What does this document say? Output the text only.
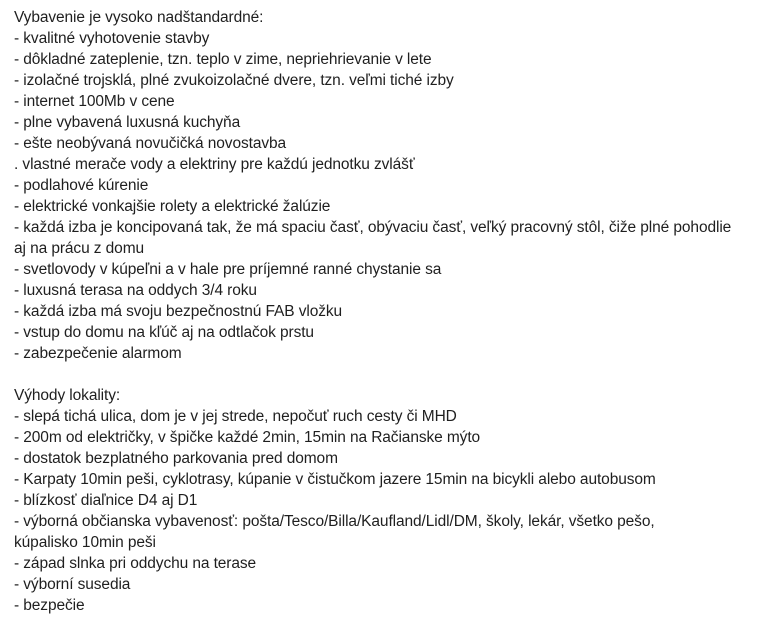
Vybavenie je vysoko nadštandardné:
- kvalitné vyhotovenie stavby
- dôkladné zateplenie, tzn. teplo v zime, nepriehrievanie v lete
- izolačné trojsklá, plné zvukoizolačné dvere, tzn. veľmi tiché izby
- internet 100Mb v cene
- plne vybavená luxusná kuchyňa
- ešte neobývaná novučičká novostavba
. vlastné merače vody a elektriny pre každú jednotku zvlášť
- podlahové kúrenie
- elektrické vonkajšie rolety a elektrické žalúzie
- každá izba je koncipovaná tak, že má spaciu časť, obývaciu časť, veľký pracovný stôl, čiže plné pohodlie
aj na prácu z domu
- svetlovody v kúpeľni a v hale pre príjemné ranné chystanie sa
- luxusná terasa na oddych 3/4 roku
- každá izba má svoju bezpečnostnú FAB vložku
- vstup do domu na kľúč aj na odtlačok prstu
- zabezpečenie alarmom
Výhody lokality:
- slepá tichá ulica, dom je v jej strede, nepočuť ruch cesty či MHD
- 200m od električky, v špičke každé 2min, 15min na Račianske mýto
- dostatok bezplatného parkovania pred domom
- Karpaty 10min peši, cyklotrasy, kúpanie v čistučkom jazere 15min na bicykli alebo autobusom
- blízkosť diaľnice D4 aj D1
- výborná občianska vybavenosť: pošta/Tesco/Billa/Kaufland/Lidl/DM, školy, lekár, všetko pešo,
kúpalisko 10min peši
- západ slnka pri oddychu na terase
- výborní susedia
- bezpečie
